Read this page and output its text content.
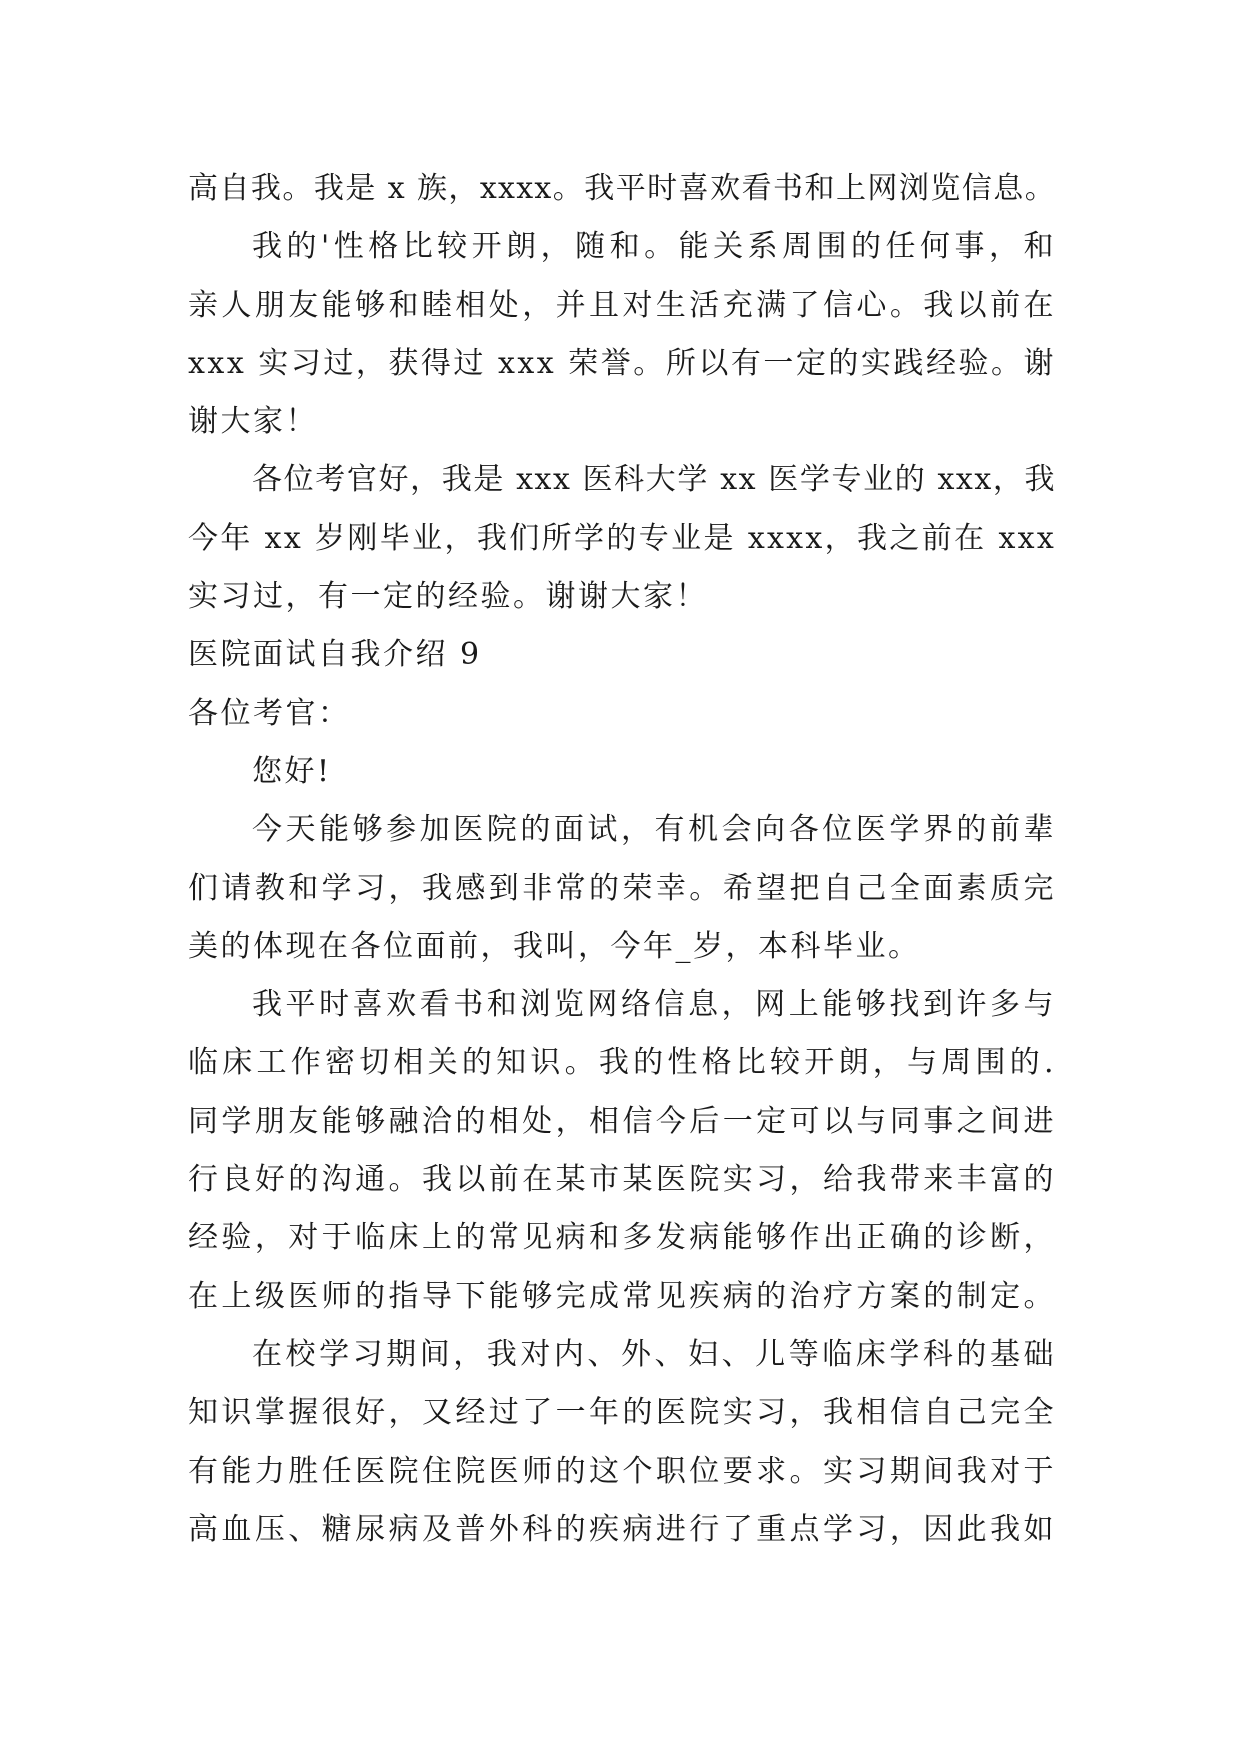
高自我。我是 x 族，xxxx。我平时喜欢看书和上网浏览信息。
我的'性格比较开朗，随和。能关系周围的任何事，和
亲人朋友能够和睦相处，并且对生活充满了信心。我以前在
xxx 实习过，获得过 xxx 荣誉。所以有一定的实践经验。谢
谢大家！
各位考官好，我是 xxx 医科大学 xx 医学专业的 xxx，我
今年 xx 岁刚毕业，我们所学的专业是 xxxx，我之前在 xxx
实习过，有一定的经验。谢谢大家！
医院面试自我介绍 9
各位考官：
您好!
今天能够参加医院的面试，有机会向各位医学界的前辈
们请教和学习，我感到非常的荣幸。希望把自己全面素质完
美的体现在各位面前，我叫，今年_岁，本科毕业。
我平时喜欢看书和浏览网络信息，网上能够找到许多与
临床工作密切相关的知识。我的性格比较开朗，与周围的.
同学朋友能够融洽的相处，相信今后一定可以与同事之间进
行良好的沟通。我以前在某市某医院实习，给我带来丰富的
经验，对于临床上的常见病和多发病能够作出正确的诊断，
在上级医师的指导下能够完成常见疾病的治疗方案的制定。
在校学习期间，我对内、外、妇、儿等临床学科的基础
知识掌握很好，又经过了一年的医院实习，我相信自己完全
有能力胜任医院住院医师的这个职位要求。实习期间我对于
高血压、糖尿病及普外科的疾病进行了重点学习，因此我如
